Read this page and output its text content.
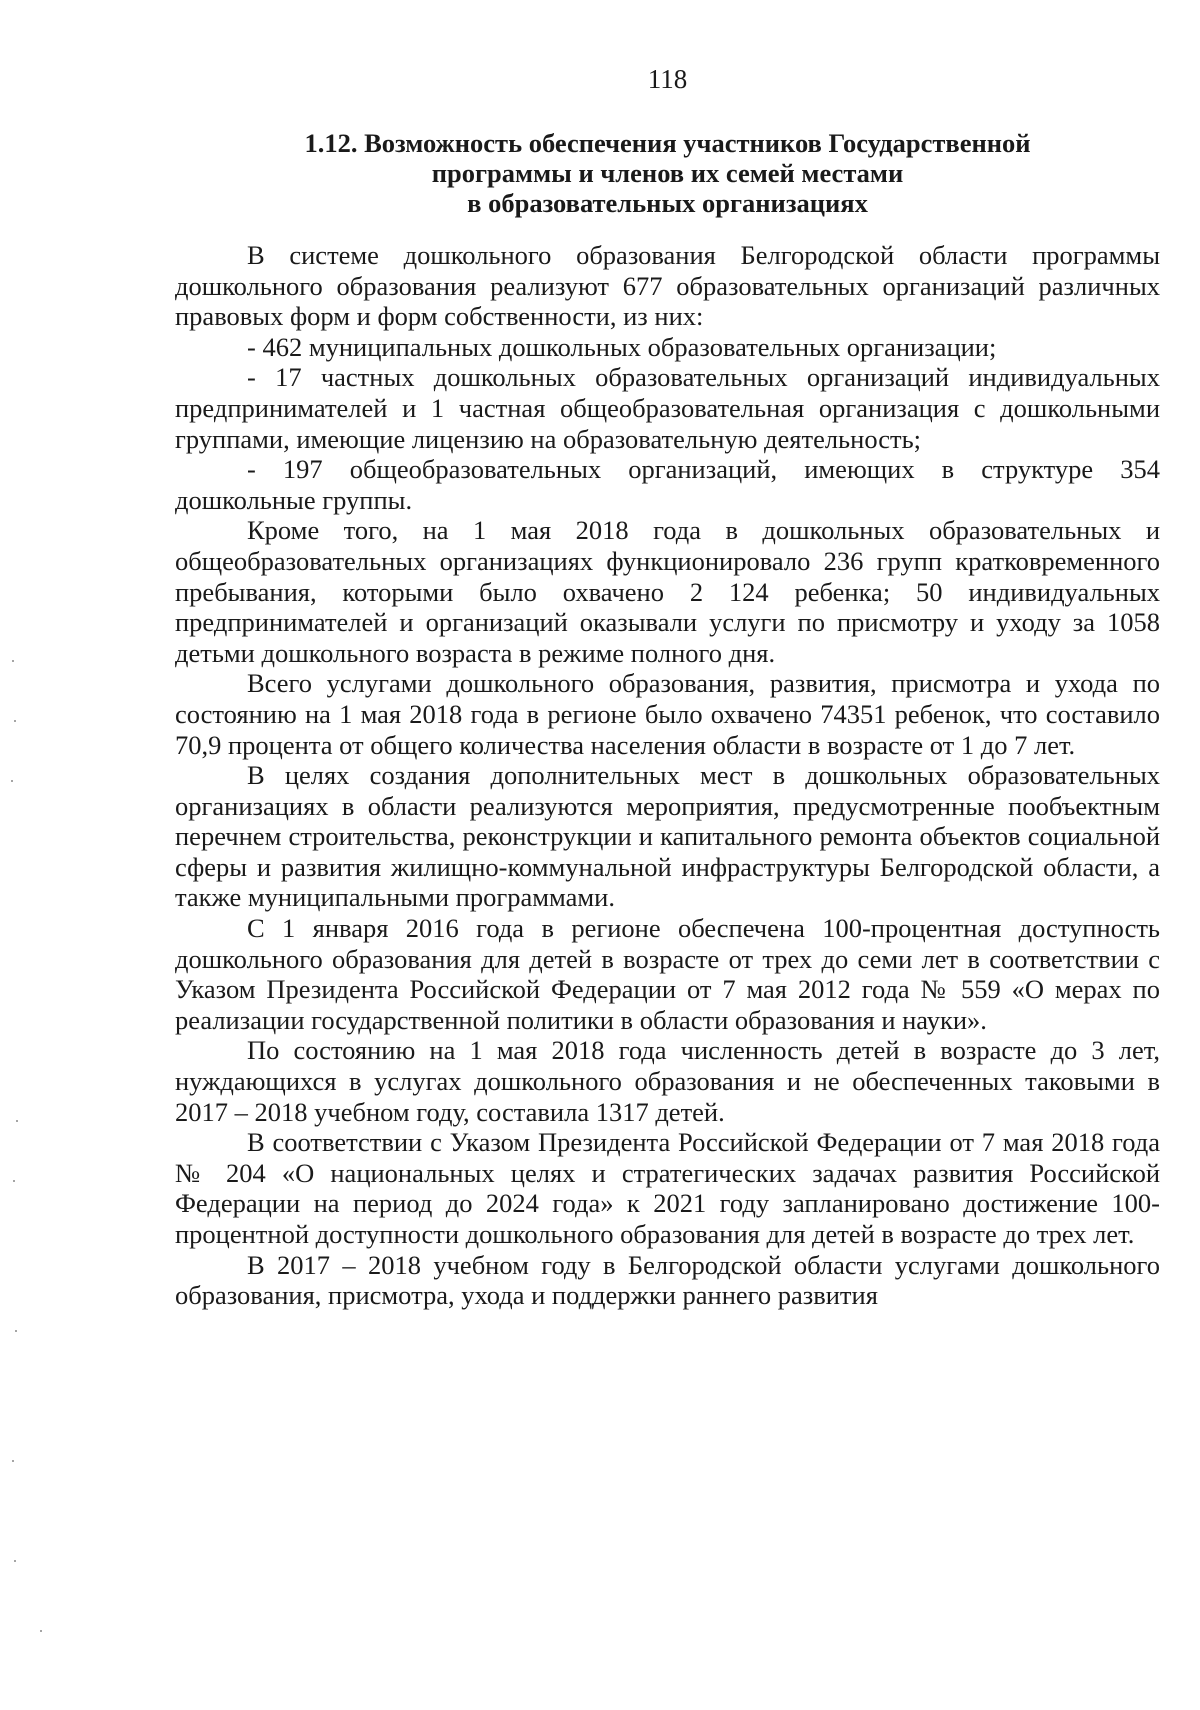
118
1.12. Возможность обеспечения участников Государственной
программы и членов их семей местами
в образовательных организациях

В системе дошкольного образования Белгородской области программы дошкольного образования реализуют 677 образовательных организаций различных правовых форм и форм собственности, из них:

- 462 муниципальных дошкольных образовательных организации;

- 17 частных дошкольных образовательных организаций индивидуальных предпринимателей и 1 частная общеобразовательная организация с дошкольными группами, имеющие лицензию на образовательную деятельность;

- 197 общеобразовательных организаций, имеющих в структуре 354 дошкольные группы.

Кроме того, на 1 мая 2018 года в дошкольных образовательных и общеобразовательных организациях функционировало 236 групп кратковременного пребывания, которыми было охвачено 2 124 ребенка; 50 индивидуальных предпринимателей и организаций оказывали услуги по присмотру и уходу за 1058 детьми дошкольного возраста в режиме полного дня.

Всего услугами дошкольного образования, развития, присмотра и ухода по состоянию на 1 мая 2018 года в регионе было охвачено 74351 ребенок, что составило 70,9 процента от общего количества населения области в возрасте от 1 до 7 лет.

В целях создания дополнительных мест в дошкольных образовательных организациях в области реализуются мероприятия, предусмотренные пообъектным перечнем строительства, реконструкции и капитального ремонта объектов социальной сферы и развития жилищно-коммунальной инфраструктуры Белгородской области, а также муниципальными программами.

С 1 января 2016 года в регионе обеспечена 100-процентная доступность дошкольного образования для детей в возрасте от трех до семи лет в соответствии с Указом Президента Российской Федерации от 7 мая 2012 года № 559 «О мерах по реализации государственной политики в области образования и науки».

По состоянию на 1 мая 2018 года численность детей в возрасте до 3 лет, нуждающихся в услугах дошкольного образования и не обеспеченных таковыми в 2017 – 2018 учебном году, составила 1317 детей.

В соответствии с Указом Президента Российской Федерации от 7 мая 2018 года № 204 «О национальных целях и стратегических задачах развития Российской Федерации на период до 2024 года» к 2021 году запланировано достижение 100-процентной доступности дошкольного образования для детей в возрасте до трех лет.

В 2017 – 2018 учебном году в Белгородской области услугами дошкольного образования, присмотра, ухода и поддержки раннего развития
